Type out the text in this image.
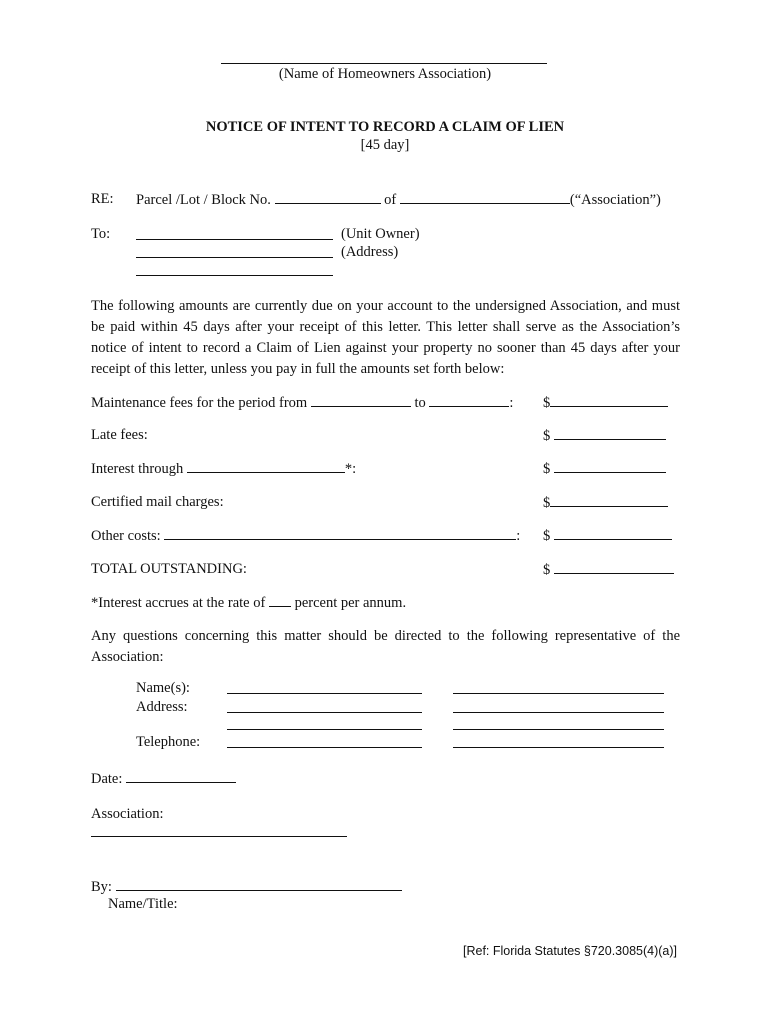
(Name of Homeowners Association)
NOTICE OF INTENT TO RECORD A CLAIM OF LIEN
[45 day]
RE: Parcel /Lot / Block No.	of	(“Association”)
To:	(Unit Owner)
(Address)
The following amounts are currently due on your account to the undersigned Association, and must be paid within 45 days after your receipt of this letter. This letter shall serve as the Association’s notice of intent to record a Claim of Lien against your property no sooner than 45 days after your receipt of this letter, unless you pay in full the amounts set forth below:
Maintenance fees for the period from	to	: $
Late fees:	$
Interest through	*:	$
Certified mail charges:	$
Other costs:	: $
TOTAL OUTSTANDING:	$
*Interest accrues at the rate of percent per annum.
Any questions concerning this matter should be directed to the following representative of the Association:
Name(s):
Address:
Telephone:
Date:
Association:
By:
Name/Title:
[Ref: Florida Statutes §720.3085(4)(a)]
